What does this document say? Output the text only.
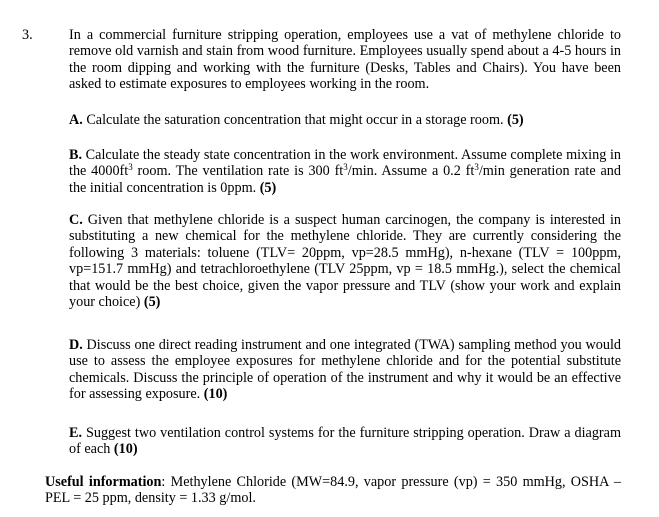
3.	In a commercial furniture stripping operation, employees use a vat of methylene chloride to remove old varnish and stain from wood furniture. Employees usually spend about a 4-5 hours in the room dipping and working with the furniture (Desks, Tables and Chairs). You have been asked to estimate exposures to employees working in the room.

A. Calculate the saturation concentration that might occur in a storage room. (5)

B. Calculate the steady state concentration in the work environment. Assume complete mixing in the $4000ft^3$ room. The ventilation rate is 300 $ft^3/\min$. Assume a 0.2 $ft^3/\min$ generation rate and the initial concentration is 0ppm. (5)

C. Given that methylene chloride is a suspect human carcinogen, the company is interested in substituting a new chemical for the methylene chloride. They are currently considering the following 3 materials: toluene (TLV= 20ppm, vp=28.5 mmHg), n-hexane (TLV = 100ppm, vp=151.7 mmHg) and tetrachloroethylene (TLV 25ppm, vp = 18.5 mmHg.), select the chemical that would be the best choice, given the vapor pressure and TLV (show your work and explain your choice) (5)

D. Discuss one direct reading instrument and one integrated (TWA) sampling method you would use to assess the employee exposures for methylene chloride and for the potential substitute chemicals. Discuss the principle of operation of the instrument and why it would be an effective for assessing exposure. (10)

E. Suggest two ventilation control systems for the furniture stripping operation. Draw a diagram of each (10)

Useful information: Methylene Chloride (MW=84.9, vapor pressure (vp) = 350 mmHg, OSHA – PEL = 25 ppm, density = 1.33 g/mol.
